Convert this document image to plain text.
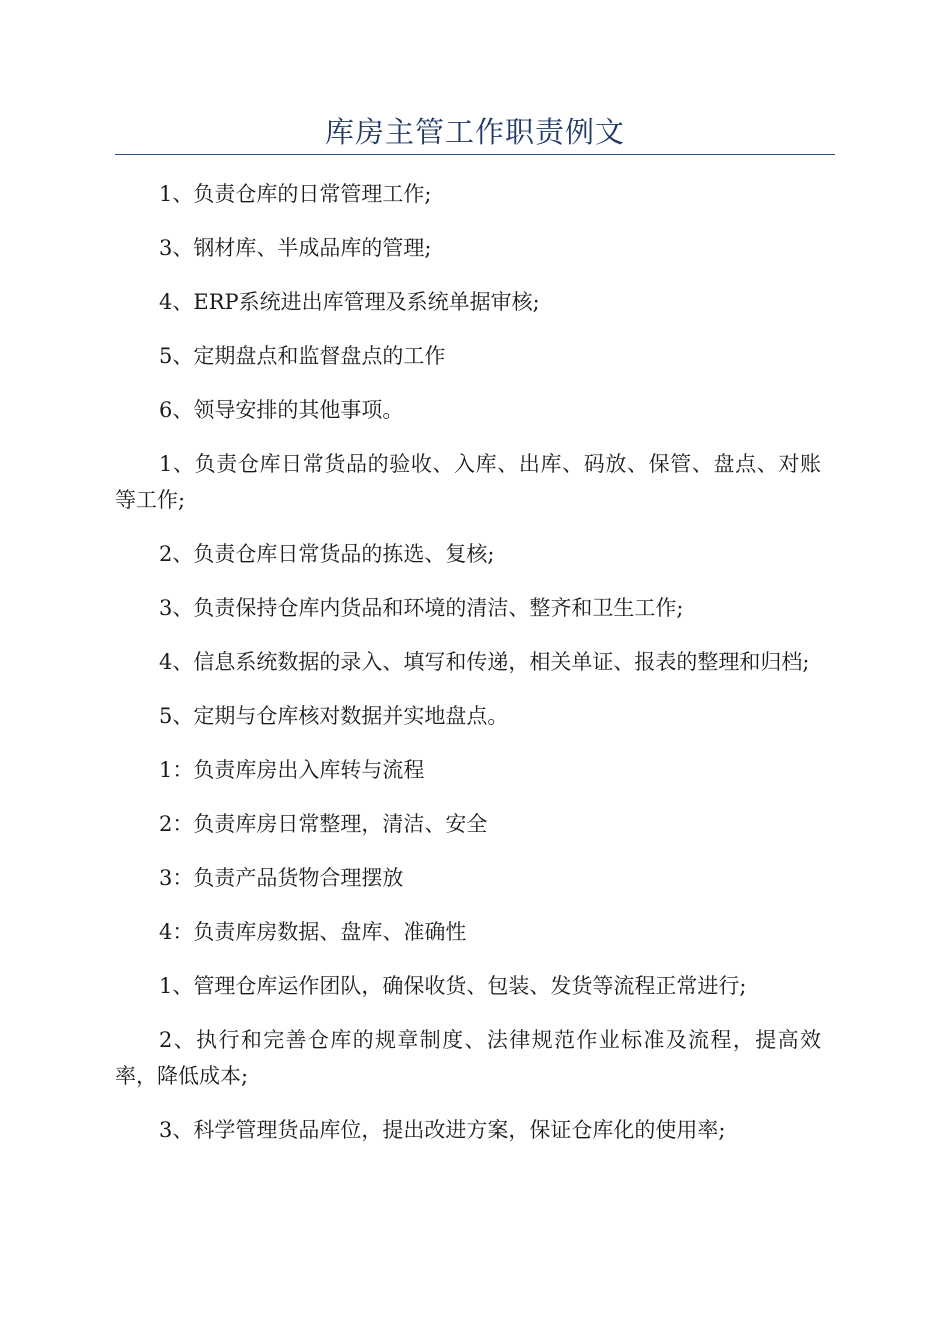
库房主管工作职责例文

1、负责仓库的日常管理工作;

3、钢材库、半成品库的管理;

4、ERP系统进出库管理及系统单据审核;

5、定期盘点和监督盘点的工作

6、领导安排的其他事项。

1、负责仓库日常货品的验收、入库、出库、码放、保管、盘点、对账等工作;

2、负责仓库日常货品的拣选、复核;

3、负责保持仓库内货品和环境的清洁、整齐和卫生工作;

4、信息系统数据的录入、填写和传递，相关单证、报表的整理和归档;

5、定期与仓库核对数据并实地盘点。

1：负责库房出入库转与流程

2：负责库房日常整理，清洁、安全

3：负责产品货物合理摆放

4：负责库房数据、盘库、准确性

1、管理仓库运作团队，确保收货、包装、发货等流程正常进行;

2、执行和完善仓库的规章制度、法律规范作业标准及流程，提高效率，降低成本;

3、科学管理货品库位，提出改进方案，保证仓库化的使用率;
